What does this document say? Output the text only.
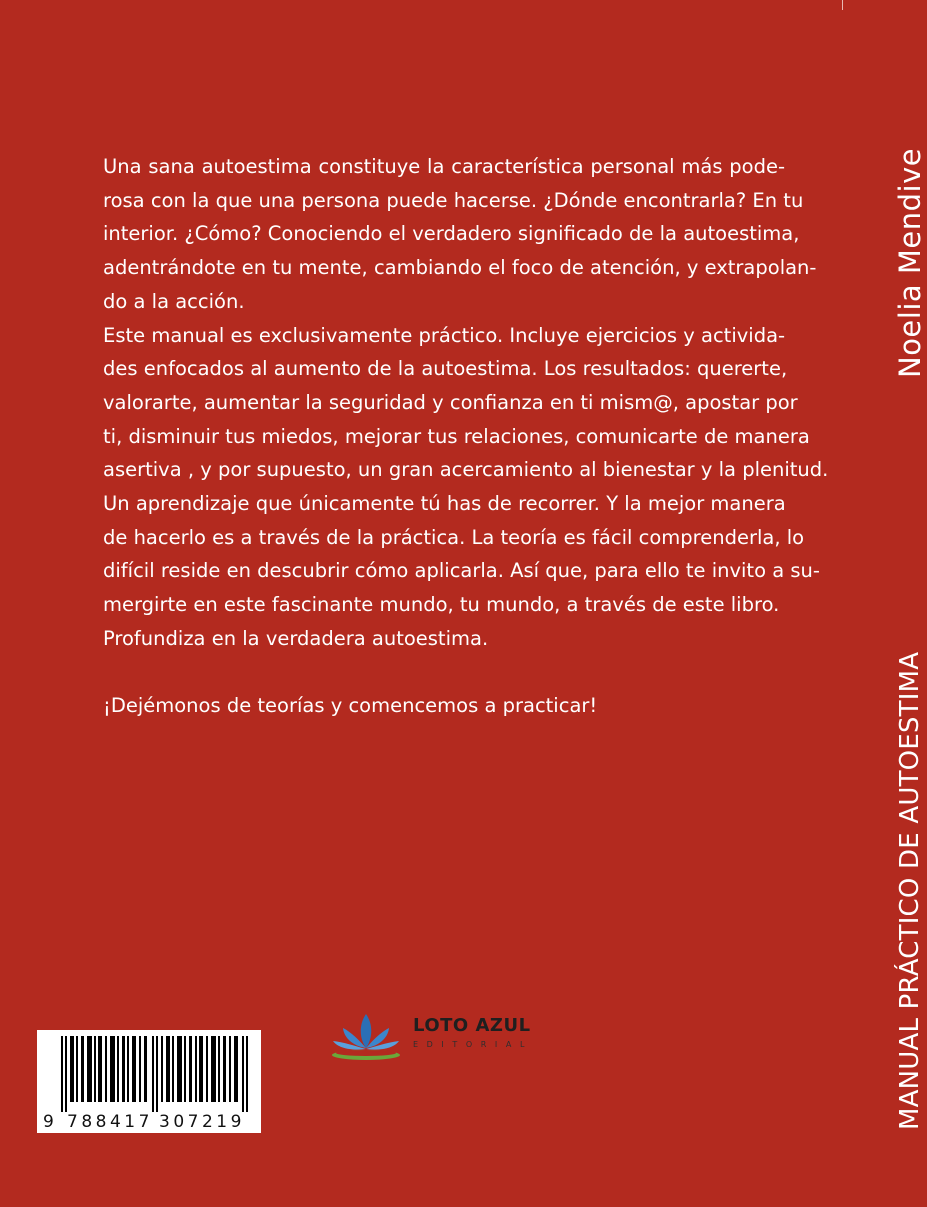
Una sana autoestima constituye la característica personal más pode-
rosa con la que una persona puede hacerse. ¿Dónde encontrarla? En tu
interior. ¿Cómo? Conociendo el verdadero significado de la autoestima,
adentrándote en tu mente, cambiando el foco de atención, y extrapolan-
do a la acción.
Este manual es exclusivamente práctico. Incluye ejercicios y activida-
des enfocados al aumento de la autoestima. Los resultados: quererte,
valorarte, aumentar la seguridad y confianza en ti mism@, apostar por
ti, disminuir tus miedos, mejorar tus relaciones, comunicarte de manera
asertiva , y por supuesto, un gran acercamiento al bienestar y la plenitud.
Un aprendizaje que únicamente tú has de recorrer. Y la mejor manera
de hacerlo es a través de la práctica. La teoría es fácil comprenderla, lo
difícil reside en descubrir cómo aplicarla. Así que, para ello te invito a su-
mergirte en este fascinante mundo, tu mundo, a través de este libro.
Profundiza en la verdadera autoestima.
¡Dejémonos de teorías y comencemos a practicar!
Noelia Mendive
MANUAL PRÁCTICO DE AUTOESTIMA
9 788417 307219
LOTO AZUL
EDITORIAL
